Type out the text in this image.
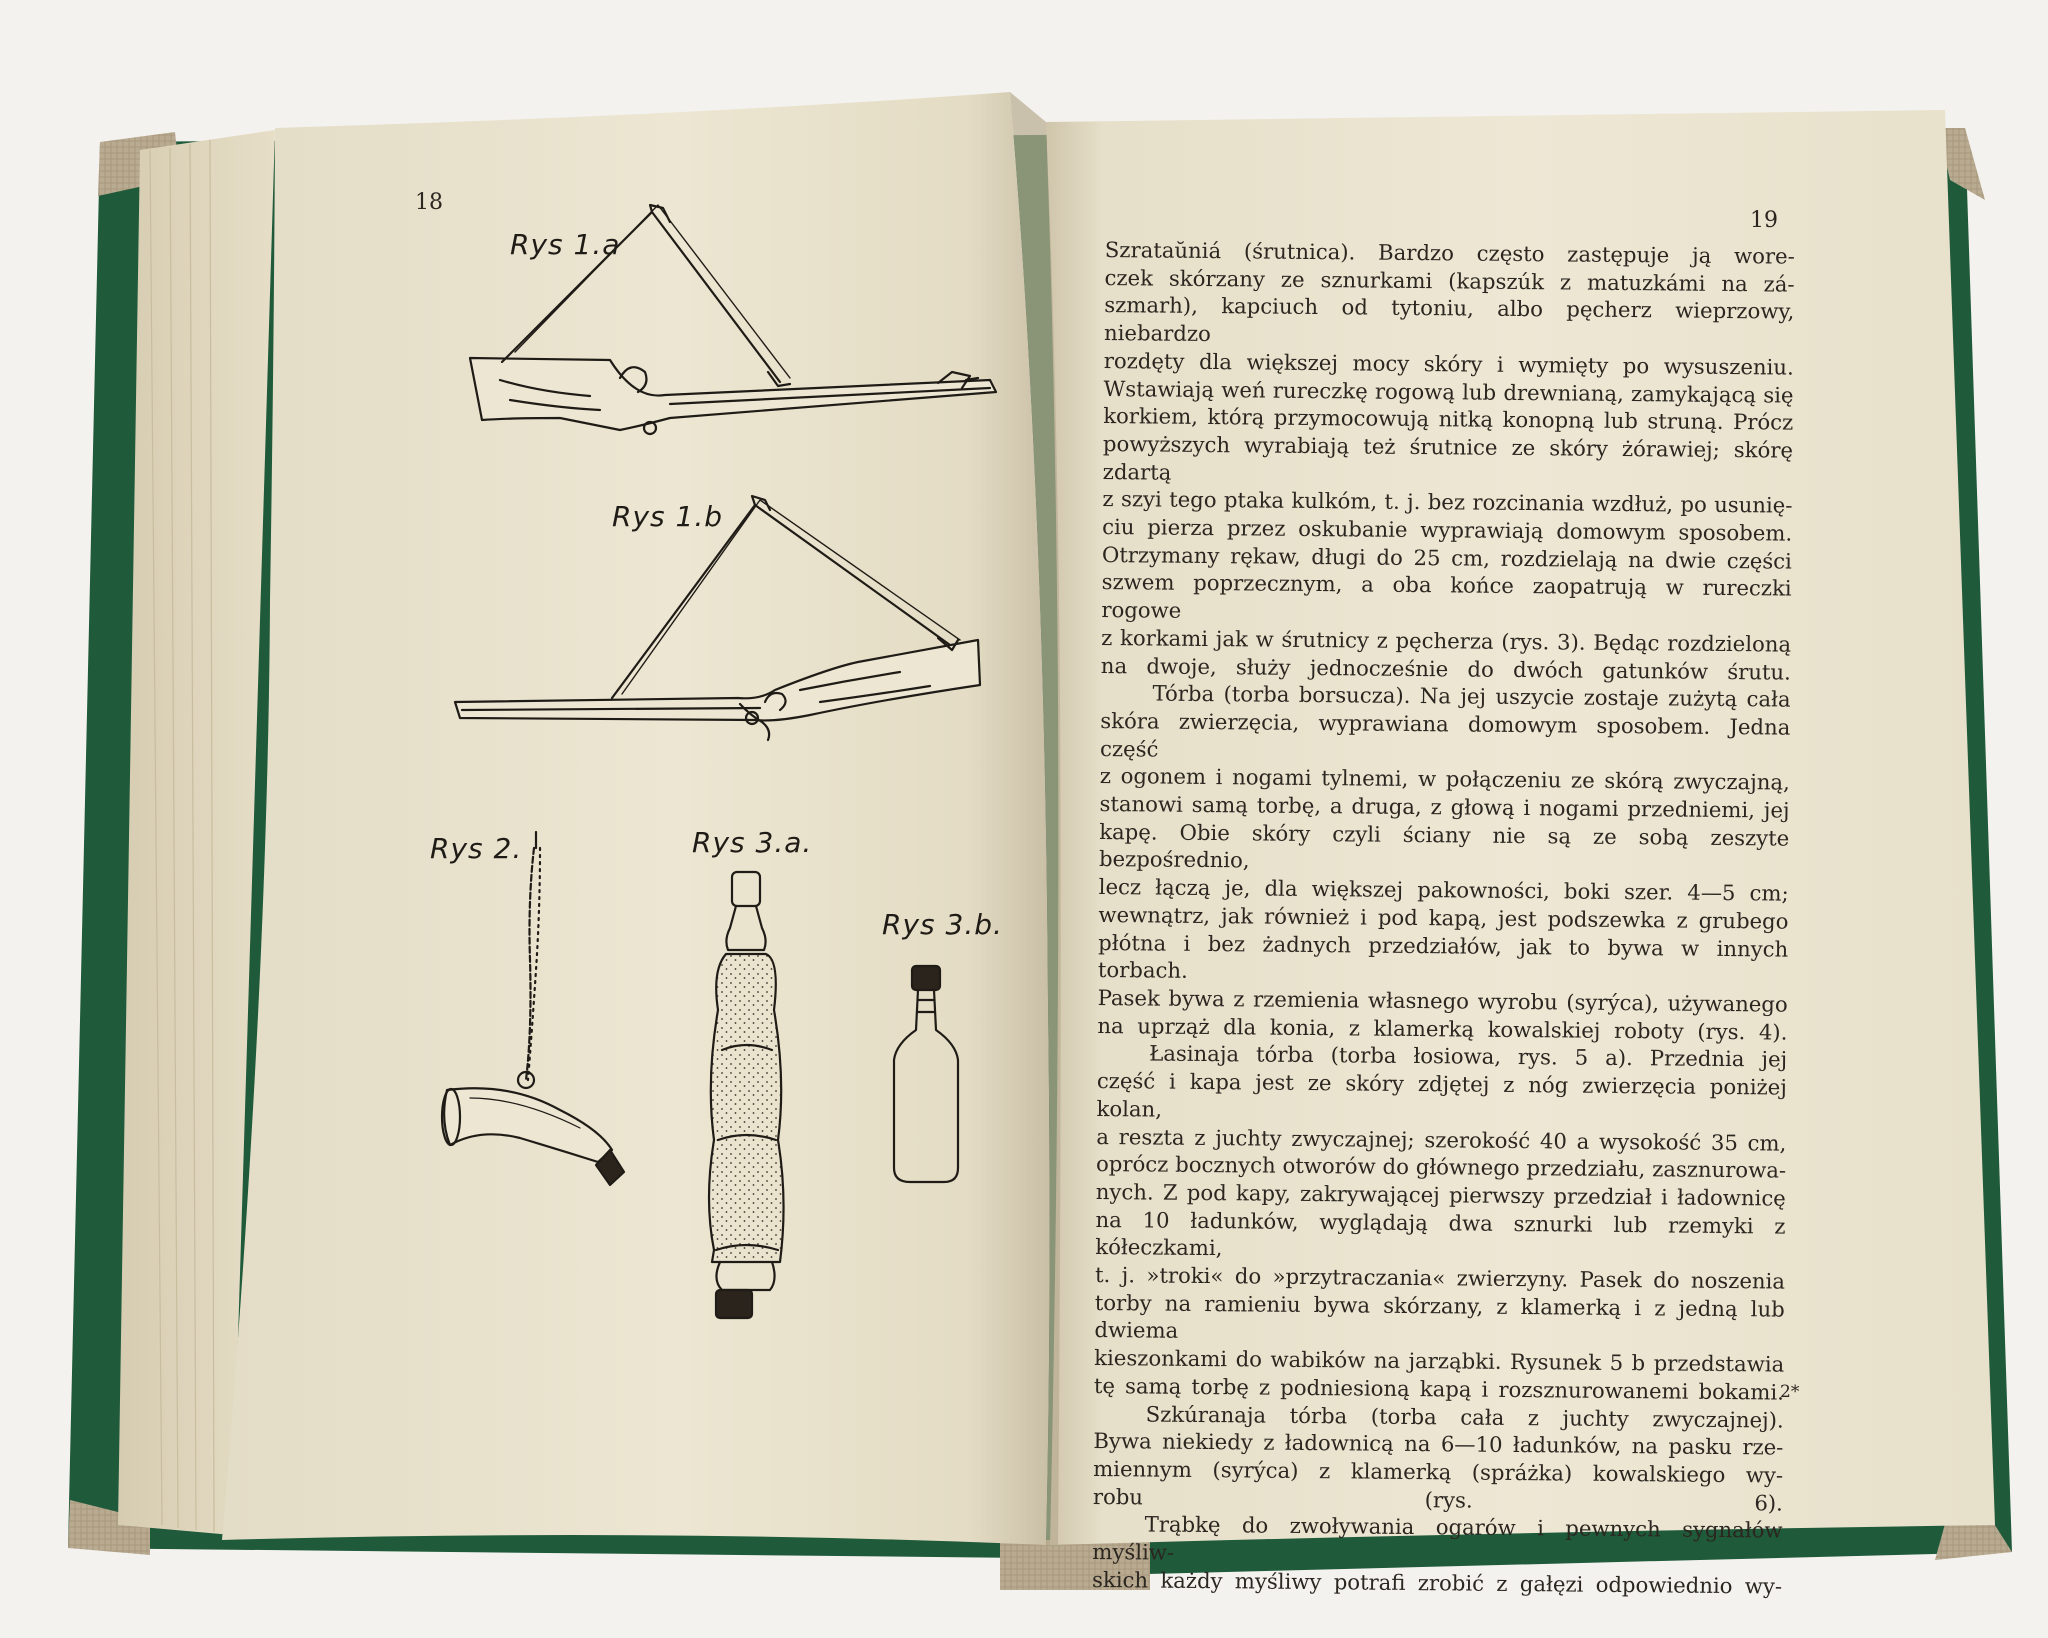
18
19
Rys 1.a
Rys 1.b
Rys 2.	Rys 3.a.
Rys 3.b.

Szrataŭniá (śrutnica). Bardzo często zastępuje ją wore-
czek skórzany ze sznurkami (kapszúk z matuzkámi na zá-
szmarh), kapciuch od tytoniu, albo pęcherz wieprzowy, niebardzo
rozdęty dla większej mocy skóry i wymięty po wysuszeniu.
Wstawiają weń rureczkę rogową lub drewnianą, zamykającą się
korkiem, którą przymocowują nitką konopną lub struną. Prócz
powyższych wyrabiają też śrutnice ze skóry żórawiej; skórę zdartą
z szyi tego ptaka kulkóm, t. j. bez rozcinania wzdłuż, po usunię-
ciu pierza przez oskubanie wyprawiają domowym sposobem.
Otrzymany rękaw, długi do 25 cm, rozdzielają na dwie części
szwem poprzecznym, a oba końce zaopatrują w rureczki rogowe
z korkami jak w śrutnicy z pęcherza (rys. 3). Będąc rozdzieloną
na dwoje, służy jednocześnie do dwóch gatunków śrutu.

Tórba (torba borsucza). Na jej uszycie zostaje zużytą cała
skóra zwierzęcia, wyprawiana domowym sposobem. Jedna część
z ogonem i nogami tylnemi, w połączeniu ze skórą zwyczajną,
stanowi samą torbę, a druga, z głową i nogami przedniemi, jej
kapę. Obie skóry czyli ściany nie są ze sobą zeszyte bezpośrednio,
lecz łączą je, dla większej pakowności, boki szer. 4—5 cm;
wewnątrz, jak również i pod kapą, jest podszewka z grubego
płótna i bez żadnych przedziałów, jak to bywa w innych torbach.
Pasek bywa z rzemienia własnego wyrobu (syrýca), używanego
na uprząż dla konia, z klamerką kowalskiej roboty (rys. 4).

Łasinaja tórba (torba łosiowa, rys. 5 a). Przednia jej
część i kapa jest ze skóry zdjętej z nóg zwierzęcia poniżej kolan,
a reszta z juchty zwyczajnej; szerokość 40 a wysokość 35 cm,
oprócz bocznych otworów do głównego przedziału, zasznurowa-
nych. Z pod kapy, zakrywającej pierwszy przedział i ładownicę
na 10 ładunków, wyglądają dwa sznurki lub rzemyki z kółeczkami,
t. j. »troki« do »przytraczania« zwierzyny. Pasek do noszenia
torby na ramieniu bywa skórzany, z klamerką i z jedną lub dwiema
kieszonkami do wabików na jarząbki. Rysunek 5 b przedstawia
tę samą torbę z podniesioną kapą i rozsznurowanemi bokami.

Szkúranaja tórba (torba cała z juchty zwyczajnej).
Bywa niekiedy z ładownicą na 6—10 ładunków, na pasku rze-
miennym (syrýca) z klamerką (spráżka) kowalskiego wy-
robu (rys. 6).

Trąbkę do zwoływania ogarów i pewnych sygnałów myśliw-
skich każdy myśliwy potrafi zrobić z gałęzi odpowiednio wy-

2*
